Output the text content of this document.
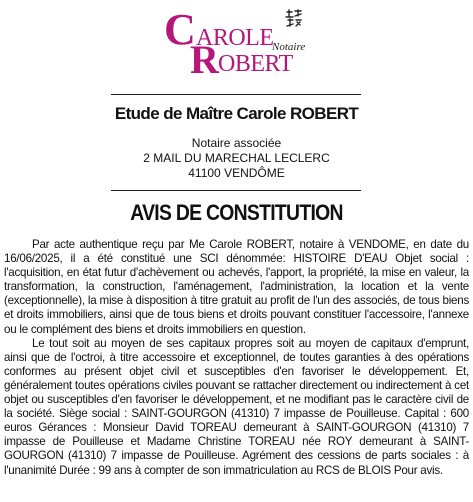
C AROLE
R OBERT
Notaire
Etude de Maître Carole ROBERT
Notaire associée
2 MAIL DU MARECHAL LECLERC
41100 VENDÔME
AVIS DE CONSTITUTION

Par acte authentique reçu par Me Carole ROBERT, notaire à VENDOME, en date du 16/06/2025, il a été constitué une SCI dénommée: HISTOIRE D'EAU Objet social : l'acquisition, en état futur d'achèvement ou achevés, l'apport, la propriété, la mise en valeur, la transformation, la construction, l'aménagement, l'administration, la location et la vente (exceptionnelle), la mise à disposition à titre gratuit au profit de l'un des associés, de tous biens et droits immobiliers, ainsi que de tous biens et droits pouvant constituer l'accessoire, l'annexe ou le complément des biens et droits immobiliers en question.

Le tout soit au moyen de ses capitaux propres soit au moyen de capitaux d'emprunt, ainsi que de l'octroi, à titre accessoire et exceptionnel, de toutes garanties à des opérations conformes au présent objet civil et susceptibles d'en favoriser le développement. Et, généralement toutes opérations civiles pouvant se rattacher directement ou indirectement à cet objet ou susceptibles d'en favoriser le développement, et ne modifiant pas le caractère civil de la société. Siège social : SAINT-GOURGON (41310) 7 impasse de Pouilleuse. Capital : 600 euros Gérances : Monsieur David TOREAU demeurant à SAINT-GOURGON (41310) 7 impasse de Pouilleuse et Madame Christine TOREAU née ROY demeurant à SAINT-GOURGON (41310) 7 impasse de Pouilleuse. Agrément des cessions de parts sociales : à l'unanimité Durée : 99 ans à compter de son immatriculation au RCS de BLOIS Pour avis.
